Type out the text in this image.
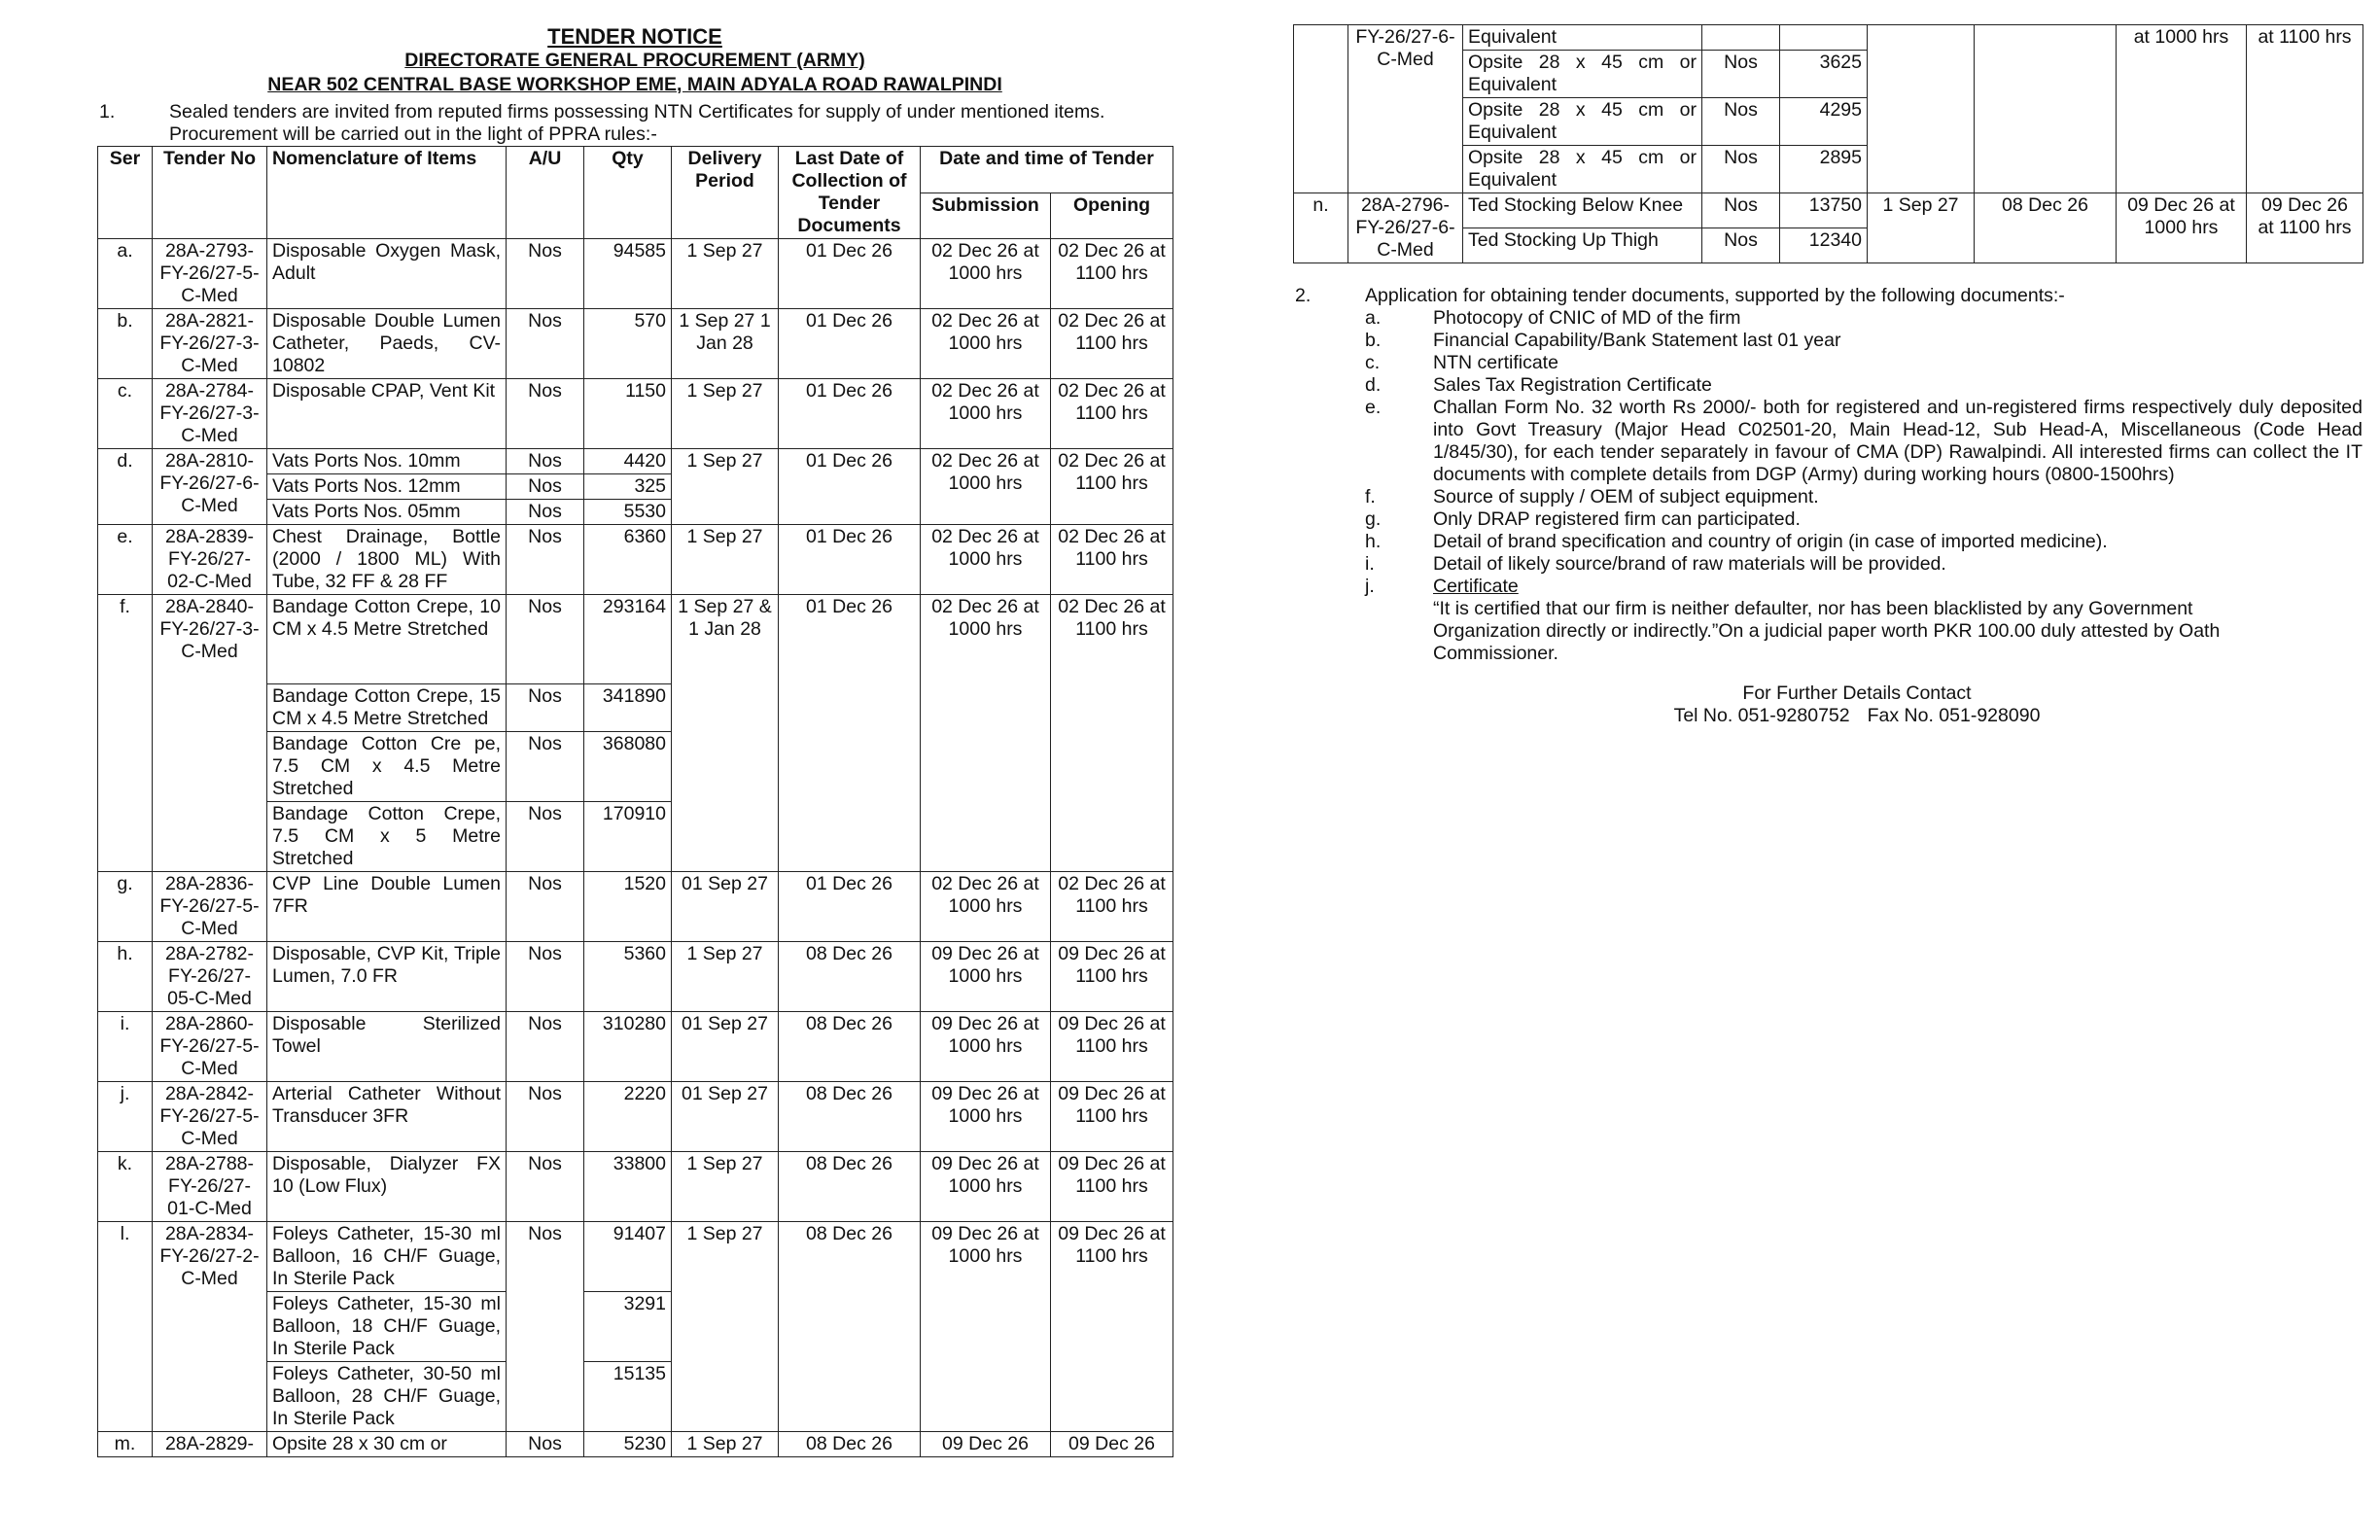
TENDER NOTICE

DIRECTORATE GENERAL PROCUREMENT (ARMY)

NEAR 502 CENTRAL BASE WORKSHOP EME, MAIN ADYALA ROAD RAWALPINDI

1.	Sealed tenders are invited from reputed firms possessing NTN Certificates for supply of under mentioned items.
Procurement will be carried out in the light of PPRA rules:-

Ser	Tender No	Nomenclature of Items	A/U	Qty	Delivery Period	Last Date of Collection of Tender Documents	Date and time of Tender	
							Submission	Opening
a.	28A-2793-FY-26/27-5-C-Med	Disposable Oxygen Mask, Adult	Nos	94585	1 Sep 27	01 Dec 26	02 Dec 26 at 1000 hrs	02 Dec 26 at 1100 hrs
b.	28A-2821-FY-26/27-3-C-Med	Disposable Double Lumen Catheter, Paeds, CV-10802	Nos	570	1 Sep 27 1 Jan 28	01 Dec 26	02 Dec 26 at 1000 hrs	02 Dec 26 at 1100 hrs
c.	28A-2784-FY-26/27-3-C-Med	Disposable CPAP, Vent Kit	Nos	1150	1 Sep 27	01 Dec 26	02 Dec 26 at 1000 hrs	02 Dec 26 at 1100 hrs
d.	28A-2810-FY-26/27-6-C-Med	Vats Ports Nos. 10mm	Nos	4420	1 Sep 27	01 Dec 26	02 Dec 26 at 1000 hrs	02 Dec 26 at 1100 hrs
		Vats Ports Nos. 12mm	Nos	325				
		Vats Ports Nos. 05mm	Nos	5530				
e.	28A-2839-FY-26/27-02-C-Med	Chest Drainage, Bottle (2000 / 1800 ML) With Tube, 32 FF & 28 FF	Nos	6360	1 Sep 27	01 Dec 26	02 Dec 26 at 1000 hrs	02 Dec 26 at 1100 hrs
f.	28A-2840-FY-26/27-3-C-Med	Bandage Cotton Crepe, 10 CM x 4.5 Metre Stretched	Nos	293164	1 Sep 27 & 1 Jan 28	01 Dec 26	02 Dec 26 at 1000 hrs	02 Dec 26 at 1100 hrs
		Bandage Cotton Crepe, 15 CM x 4.5 Metre Stretched	Nos	341890				
		Bandage Cotton Cre pe, 7.5 CM x 4.5 Metre Stretched	Nos	368080				
		Bandage Cotton Crepe, 7.5 CM x 5 Metre Stretched	Nos	170910				
g.	28A-2836-FY-26/27-5-C-Med	CVP Line Double Lumen 7FR	Nos	1520	01 Sep 27	01 Dec 26	02 Dec 26 at 1000 hrs	02 Dec 26 at 1100 hrs
h.	28A-2782-FY-26/27-05-C-Med	Disposable, CVP Kit, Triple Lumen, 7.0 FR	Nos	5360	1 Sep 27	08 Dec 26	09 Dec 26 at 1000 hrs	09 Dec 26 at 1100 hrs
i.	28A-2860-FY-26/27-5-C-Med	Disposable Sterilized Towel	Nos	310280	01 Sep 27	08 Dec 26	09 Dec 26 at 1000 hrs	09 Dec 26 at 1100 hrs
j.	28A-2842-FY-26/27-5-C-Med	Arterial Catheter Without Transducer 3FR	Nos	2220	01 Sep 27	08 Dec 26	09 Dec 26 at 1000 hrs	09 Dec 26 at 1100 hrs
k.	28A-2788-FY-26/27-01-C-Med	Disposable, Dialyzer FX 10 (Low Flux)	Nos	33800	1 Sep 27	08 Dec 26	09 Dec 26 at 1000 hrs	09 Dec 26 at 1100 hrs
l.	28A-2834-FY-26/27-2-C-Med	Foleys Catheter, 15-30 ml Balloon, 16 CH/F Guage, In Sterile Pack	Nos	91407	1 Sep 27	08 Dec 26	09 Dec 26 at 1000 hrs	09 Dec 26 at 1100 hrs
		Foleys Catheter, 15-30 ml Balloon, 18 CH/F Guage, In Sterile Pack		3291				
		Foleys Catheter, 30-50 ml Balloon, 28 CH/F Guage, In Sterile Pack		15135				
m.	28A-2829-	Opsite 28 x 30 cm or	Nos	5230	1 Sep 27	08 Dec 26	09 Dec 26	09 Dec 26
	FY-26/27-6-C-Med	Equivalent					at 1000 hrs	at 1100 hrs
		Opsite 28 x 45 cm or Equivalent	Nos	3625				
		Opsite 28 x 45 cm or Equivalent	Nos	4295				
		Opsite 28 x 45 cm or Equivalent	Nos	2895				
n.	28A-2796-FY-26/27-6-C-Med	Ted Stocking Below Knee	Nos	13750	1 Sep 27	08 Dec 26	09 Dec 26 at 1000 hrs	09 Dec 26 at 1100 hrs
		Ted Stocking Up Thigh	Nos	12340				
2.	Application for obtaining tender documents, supported by the following documents:-
a.	Photocopy of CNIC of MD of the firm
b.	Financial Capability/Bank Statement last 01 year
c.	NTN certificate
d.	Sales Tax Registration Certificate
e.	Challan Form No. 32 worth Rs 2000/- both for registered and un-registered firms respectively duly deposited into Govt Treasury (Major Head C02501-20, Main Head-12, Sub Head-A, Miscellaneous (Code Head 1/845/30), for each tender separately in favour of CMA (DP) Rawalpindi. All interested firms can collect the IT documents with complete details from DGP (Army) during working hours (0800-1500hrs)
f.	Source of supply / OEM of subject equipment.
g.	Only DRAP registered firm can participated.
h.	Detail of brand specification and country of origin (in case of imported medicine).
i.	Detail of likely source/brand of raw materials will be provided.
j.	Certificate
“It is certified that our firm is neither defaulter, nor has been blacklisted by any Government Organization directly or indirectly.”On a judicial paper worth PKR 100.00 duly attested by Oath Commissioner.
For Further Details Contact
Tel No. 051-9280752 Fax No. 051-928090
